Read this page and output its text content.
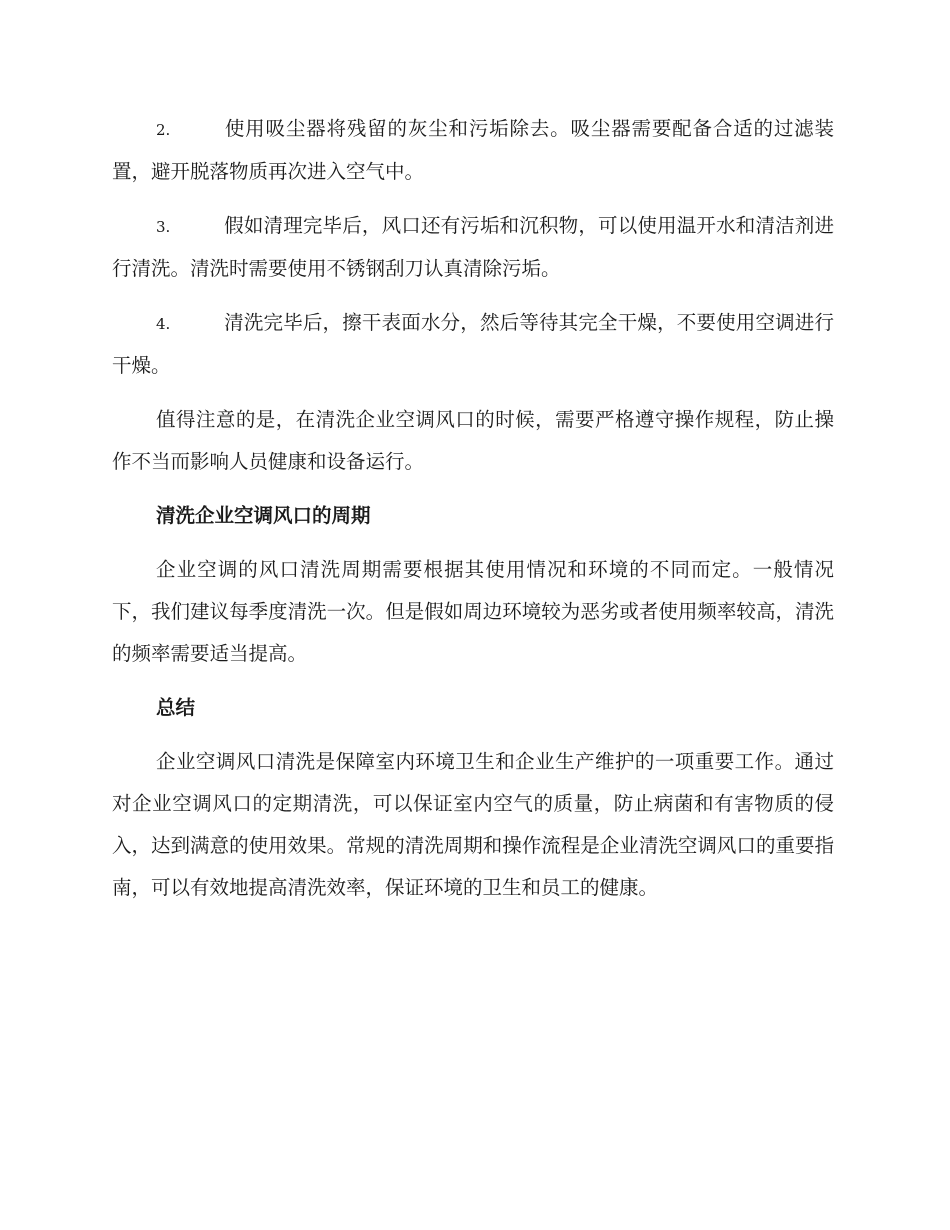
2.	使用吸尘器将残留的灰尘和污垢除去。吸尘器需要配备合适的过滤装置，避开脱落物质再次进入空气中。

3.	假如清理完毕后，风口还有污垢和沉积物，可以使用温开水和清洁剂进行清洗。清洗时需要使用不锈钢刮刀认真清除污垢。

4.	清洗完毕后，擦干表面水分，然后等待其完全干燥，不要使用空调进行干燥。

值得注意的是，在清洗企业空调风口的时候，需要严格遵守操作规程，防止操作不当而影响人员健康和设备运行。

清洗企业空调风口的周期

企业空调的风口清洗周期需要根据其使用情况和环境的不同而定。一般情况下，我们建议每季度清洗一次。但是假如周边环境较为恶劣或者使用频率较高，清洗的频率需要适当提高。

总结

企业空调风口清洗是保障室内环境卫生和企业生产维护的一项重要工作。通过对企业空调风口的定期清洗，可以保证室内空气的质量，防止病菌和有害物质的侵入，达到满意的使用效果。常规的清洗周期和操作流程是企业清洗空调风口的重要指南，可以有效地提高清洗效率，保证环境的卫生和员工的健康。
